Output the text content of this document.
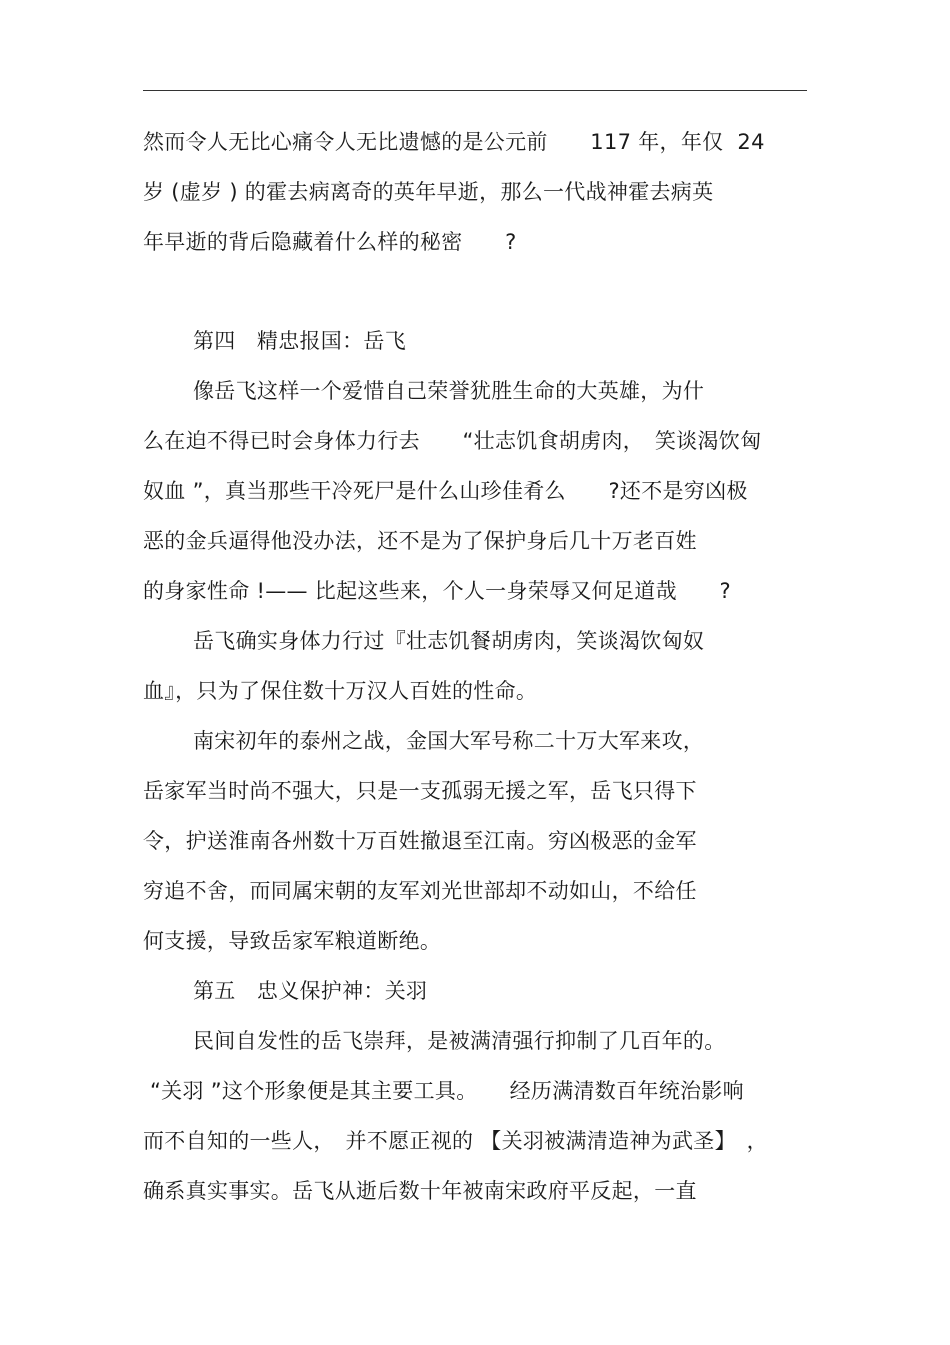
然而令人无比心痛令人无比遗憾的是公元前　　117 年，年仅  24
岁 (虚岁 ) 的霍去病离奇的英年早逝，那么一代战神霍去病英
年早逝的背后隐藏着什么样的秘密　　?
第四　精忠报国：岳飞
像岳飞这样一个爱惜自己荣誉犹胜生命的大英雄，为什
么在迫不得已时会身体力行去　　“壮志饥食胡虏肉，　笑谈渴饮匈
奴血 ”，真当那些干冷死尸是什么山珍佳肴么　　?还不是穷凶极
恶的金兵逼得他没办法，还不是为了保护身后几十万老百姓
的身家性命 !—— 比起这些来，个人一身荣辱又何足道哉　　?
岳飞确实身体力行过『壮志饥餐胡虏肉，笑谈渴饮匈奴
血』，只为了保住数十万汉人百姓的性命。
南宋初年的泰州之战，金国大军号称二十万大军来攻，
岳家军当时尚不强大，只是一支孤弱无援之军，岳飞只得下
令，护送淮南各州数十万百姓撤退至江南。穷凶极恶的金军
穷追不舍，而同属宋朝的友军刘光世部却不动如山，不给任
何支援，导致岳家军粮道断绝。
第五　忠义保护神：关羽
民间自发性的岳飞崇拜，是被满清强行抑制了几百年的。
“关羽 ”这个形象便是其主要工具。　　经历满清数百年统治影响
而不自知的一些人，　并不愿正视的 【关羽被满清造神为武圣】　，
确系真实事实。岳飞从逝后数十年被南宋政府平反起，一直
